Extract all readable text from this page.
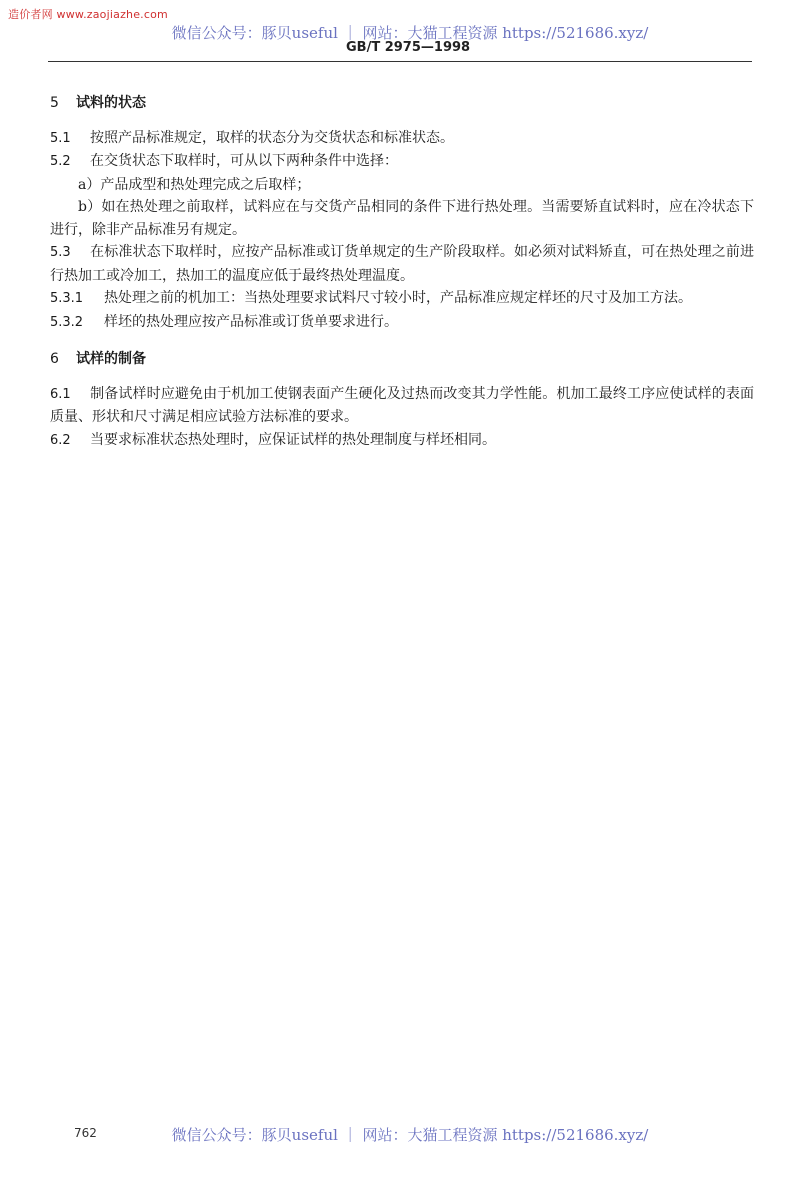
造价者网 www.zaojiazhe.com
微信公众号：豚贝useful ｜ 网站：大猫工程资源 https://521686.xyz/
GB/T 2975—1998

5 试料的状态

5.1 按照产品标准规定，取样的状态分为交货状态和标准状态。

5.2 在交货状态下取样时，可从以下两种条件中选择：

a）产品成型和热处理完成之后取样；

b）如在热处理之前取样，试料应在与交货产品相同的条件下进行热处理。当需要矫直试料时，应在冷状态下进行，除非产品标准另有规定。

5.3 在标准状态下取样时，应按产品标准或订货单规定的生产阶段取样。如必须对试料矫直，可在热处理之前进行热加工或冷加工，热加工的温度应低于最终热处理温度。

5.3.1 热处理之前的机加工：当热处理要求试料尺寸较小时，产品标准应规定样坯的尺寸及加工方法。

5.3.2 样坯的热处理应按产品标准或订货单要求进行。

6 试样的制备

6.1 制备试样时应避免由于机加工使钢表面产生硬化及过热而改变其力学性能。机加工最终工序应使试样的表面质量、形状和尺寸满足相应试验方法标准的要求。

6.2 当要求标准状态热处理时，应保证试样的热处理制度与样坯相同。

762	微信公众号：豚贝useful ｜ 网站：大猫工程资源 https://521686.xyz/
